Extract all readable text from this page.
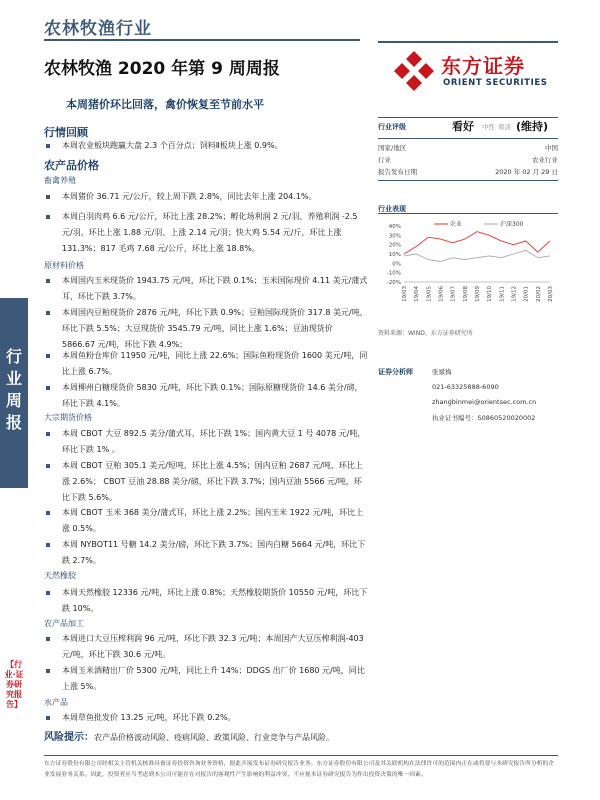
农林牧渔行业
农林牧渔 2020 年第 9 周周报
本周猪价环比回落，禽价恢复至节前水平
东方证券
ORIENT SECURITIES
行业周报
【行业·证券研究报告】
行情回顾
本周农业板块跑赢大盘 2.3 个百分点；饲料Ⅱ板块上涨 0.9%。
农产品价格
畜禽养殖
本周猪价 36.71 元/公斤，较上周下跌 2.8%，同比去年上涨 204.1%。
本周白羽肉鸡 6.6 元/公斤，环比上涨 28.2%；孵化场利润 2 元/羽、养殖利润 -2.5 元/羽，环比上涨 1.88 元/羽、上涨 2.14 元/羽；快大鸡 5.54 元/斤，环比上涨 131.3%；817 毛鸡 7.68 元/公斤，环比上涨 18.8%。
原材料价格
本周国内玉米现货价 1943.75 元/吨，环比下跌 0.1%；玉米国际现价 4.11 美元/蒲式耳，环比下跌 3.7%。
本周国内豆粕现货价 2876 元/吨，环比下跌 0.9%；豆粕国际现货价 317.8 美元/吨，环比下跌 5.5%；大豆现货价 3545.79 元/吨，同比上涨 1.6%；豆油现货价 5866.67 元/吨，环比下跌 4.9%；
本周鱼粉仓库价 11950 元/吨，同比上涨 22.6%；国际鱼粉现货价 1600 美元/吨，同比上涨 6.7%。
本周柳州白糖现货价 5830 元/吨，环比下跌 0.1%；国际原糖现货价 14.6 美分/磅，环比下跌 4.1%。
大宗期货价格
本周 CBOT 大豆 892.5 美分/蒲式耳，环比下跌 1%；国内黄大豆 1 号 4078 元/吨，环比下跌 1% 。
本周 CBOT 豆粕 305.1 美元/短吨，环比上涨 4.5%；国内豆粕 2687 元/吨，环比上涨 2.6%； CBOT 豆油 28.88 美分/磅，环比下跌 3.7%；国内豆油 5566 元/吨，环比下跌 5.6%。
本周 CBOT 玉米 368 美分/蒲式耳，环比上涨 2.2%；国内玉米 1922 元/吨，环比上涨 0.5%。
本周 NYBOT11 号糖 14.2 美分/磅，环比下跌 3.7%；国内白糖 5664 元/吨，环比下跌 2.7%。
天然橡胶
本周天然橡胶 12336 元/吨，环比上涨 0.8%；天然橡胶期货价 10550 元/吨，环比下跌 10%。
农产品加工
本周进口大豆压榨利润 96 元/吨，环比下跌 32.3 元/吨；本周国产大豆压榨利润-403 元/吨，环比下跌 30.6 元/吨。
本周玉米酒精出厂价 5300 元/吨，同比上升 14%；DDGS 出厂价 1680 元/吨，同比上涨 5%。
水产品
本周草鱼批发价 13.25 元/吨，环比下跌 0.2%。
风险提示：农产品价格波动风险、疫病风险、政策风险、行业竞争与产品风险。
行业评级	看好 中性 看淡 (维持)
国家/地区	中国
行业	农业行业
报告发布日期	2020 年 02 月 29 日
行业表现
40%
30%
20%
10%
0%
-10%
-20%
19/03 19/04 19/05 19/06 19/07 19/08 19/09 19/10 19/11 19/12 20/01 20/02 20/03
农业	沪深300
资料来源：WIND、东方证券研究所
证券分析师	张斌梅
021-63325888-6090
zhangbinmei@orientsec.com.cn
执业证书编号：S0860520020002
东方证券股份有限公司经相关主管机关核准具备证券投资咨询业务资格，据此开展发布证券研究报告业务。东方证券股份有限公司及其关联机构在法律许可的范围内正在或将要与本研究报告所分析的企业发展业务关系。因此，投资者应当考虑到本公司可能存在对报告的客观性产生影响的利益冲突，不应视本证券研究报告为作出投资决策的唯一因素。
